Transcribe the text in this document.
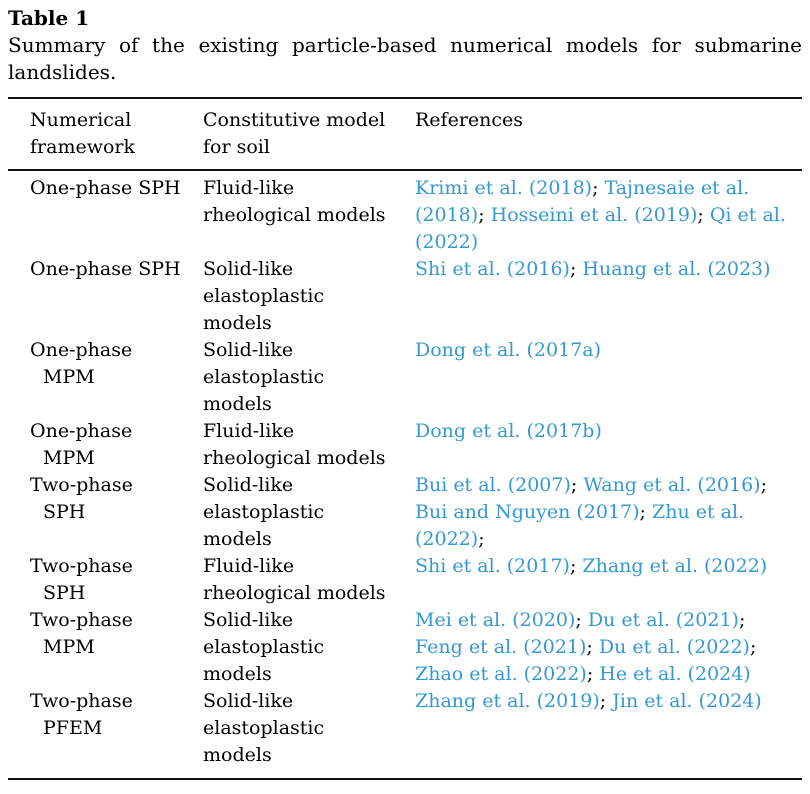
Table 1
Summary of the existing particle-based numerical models for submarine landslides.
Numerical
framework
Constitutive model
for soil
References
One-phase SPH	Fluid-like
rheological models
Krimi et al. (2018); Tajnesaie et al. (2018); Hosseini et al. (2019); Qi et al. (2022)
One-phase SPH	Solid-like
elastoplastic
models
Shi et al. (2016); Huang et al. (2023)
One-phase
MPM
Solid-like
elastoplastic
models
Dong et al. (2017a)
One-phase
MPM
Fluid-like
rheological models
Dong et al. (2017b)
Two-phase
SPH
Solid-like
elastoplastic
models
Bui et al. (2007); Wang et al. (2016); Bui and Nguyen (2017); Zhu et al. (2022);
Two-phase
SPH
Fluid-like
rheological models
Shi et al. (2017); Zhang et al. (2022)
Two-phase
MPM
Solid-like
elastoplastic
models
Mei et al. (2020); Du et al. (2021); Feng et al. (2021); Du et al. (2022); Zhao et al. (2022); He et al. (2024)
Two-phase
PFEM
Solid-like
elastoplastic
models
Zhang et al. (2019); Jin et al. (2024)
